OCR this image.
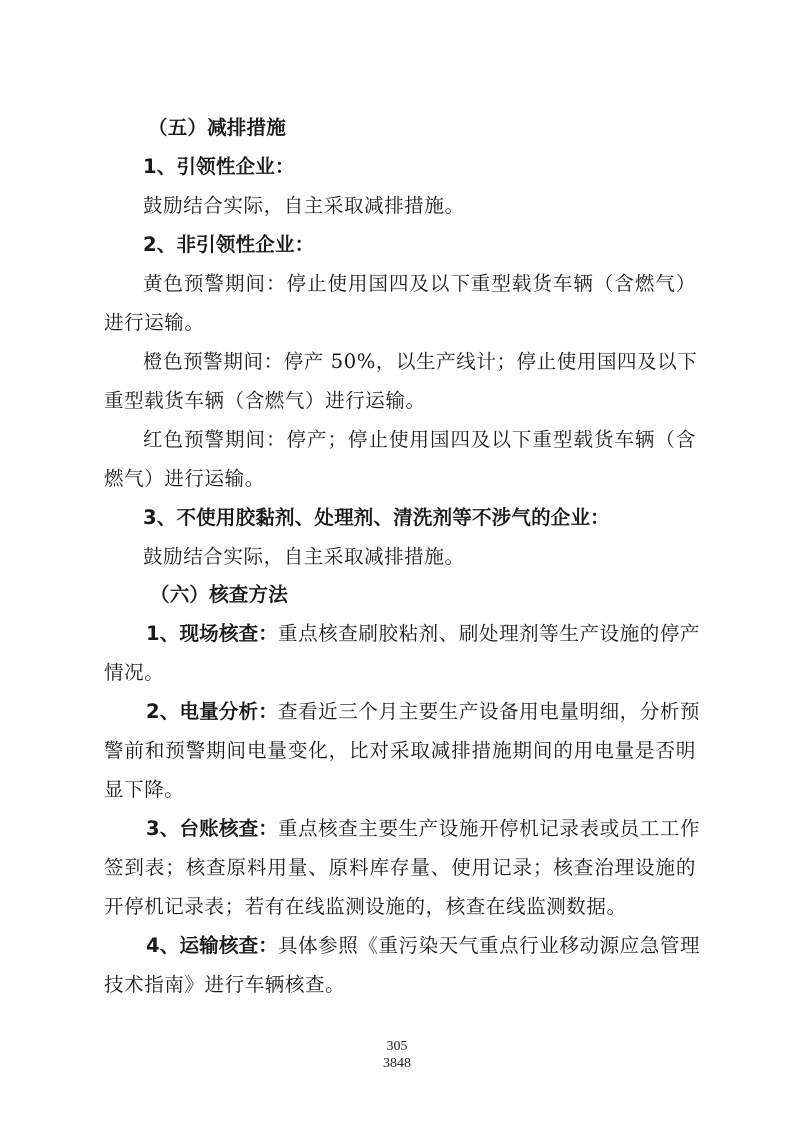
（五）减排措施
1、引领性企业：
鼓励结合实际，自主采取减排措施。
2、非引领性企业：
黄色预警期间：停止使用国四及以下重型载货车辆（含燃气）
进行运输。
橙色预警期间：停产 50%，以生产线计；停止使用国四及以下
重型载货车辆（含燃气）进行运输。
红色预警期间：停产；停止使用国四及以下重型载货车辆（含
燃气）进行运输。
3、不使用胶黏剂、处理剂、清洗剂等不涉气的企业：
鼓励结合实际，自主采取减排措施。
（六）核查方法
1、现场核查：重点核查刷胶粘剂、刷处理剂等生产设施的停产
情况。
2、电量分析：查看近三个月主要生产设备用电量明细，分析预
警前和预警期间电量变化，比对采取减排措施期间的用电量是否明
显下降。
3、台账核查：重点核查主要生产设施开停机记录表或员工工作
签到表；核查原料用量、原料库存量、使用记录；核查治理设施的
开停机记录表；若有在线监测设施的，核查在线监测数据。
4、运输核查：具体参照《重污染天气重点行业移动源应急管理
技术指南》进行车辆核查。
305
3848
